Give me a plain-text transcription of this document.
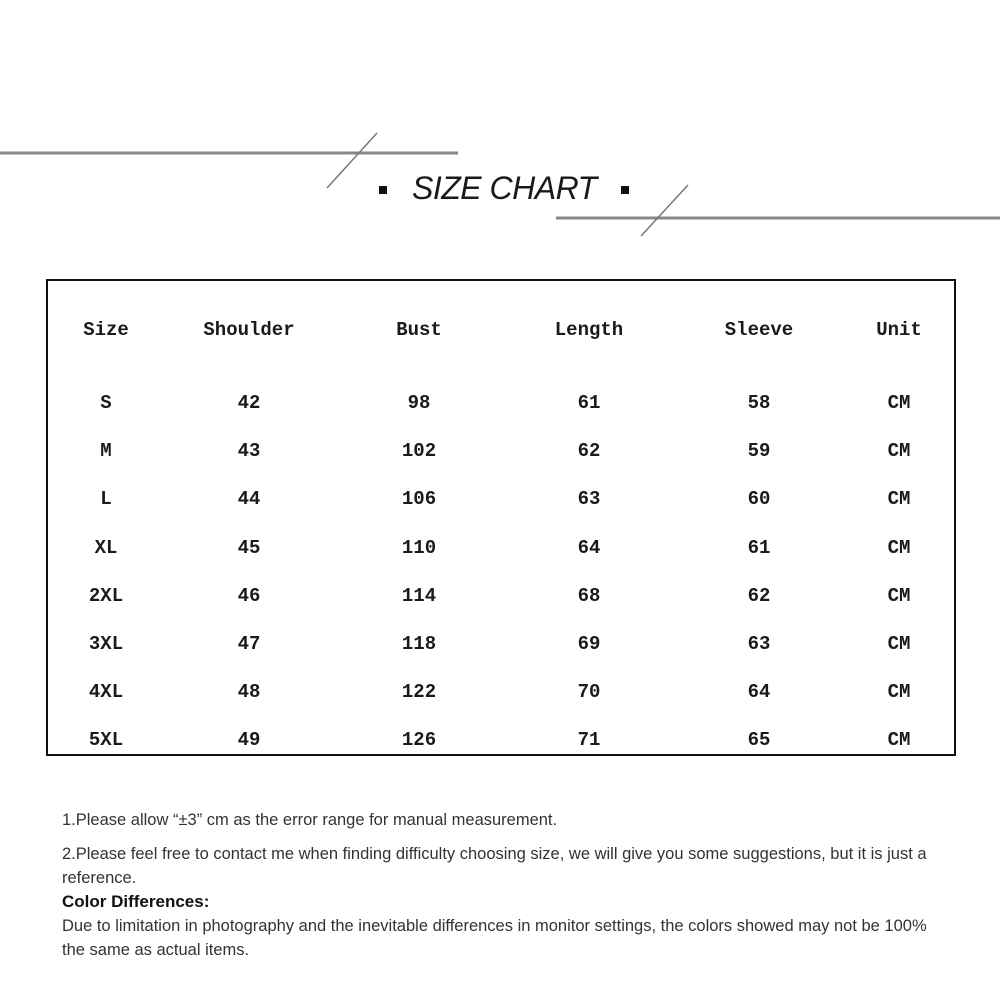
SIZE CHART
Size	Shoulder	Bust	Length	Sleeve	Unit
S	42	98	61	58	CM
M	43	102	62	59	CM
L	44	106	63	60	CM
XL	45	110	64	61	CM
2XL	46	114	68	62	CM
3XL	47	118	69	63	CM
4XL	48	122	70	64	CM
5XL	49	126	71	65	CM

1.Please allow “±3” cm as the error range for manual measurement.

2.Please feel free to contact me when finding difficulty choosing size, we will give you some suggestions, but it is just a reference.

Color Differences:

Due to limitation in photography and the inevitable differences in monitor settings, the colors showed may not be 100% the same as actual items.
